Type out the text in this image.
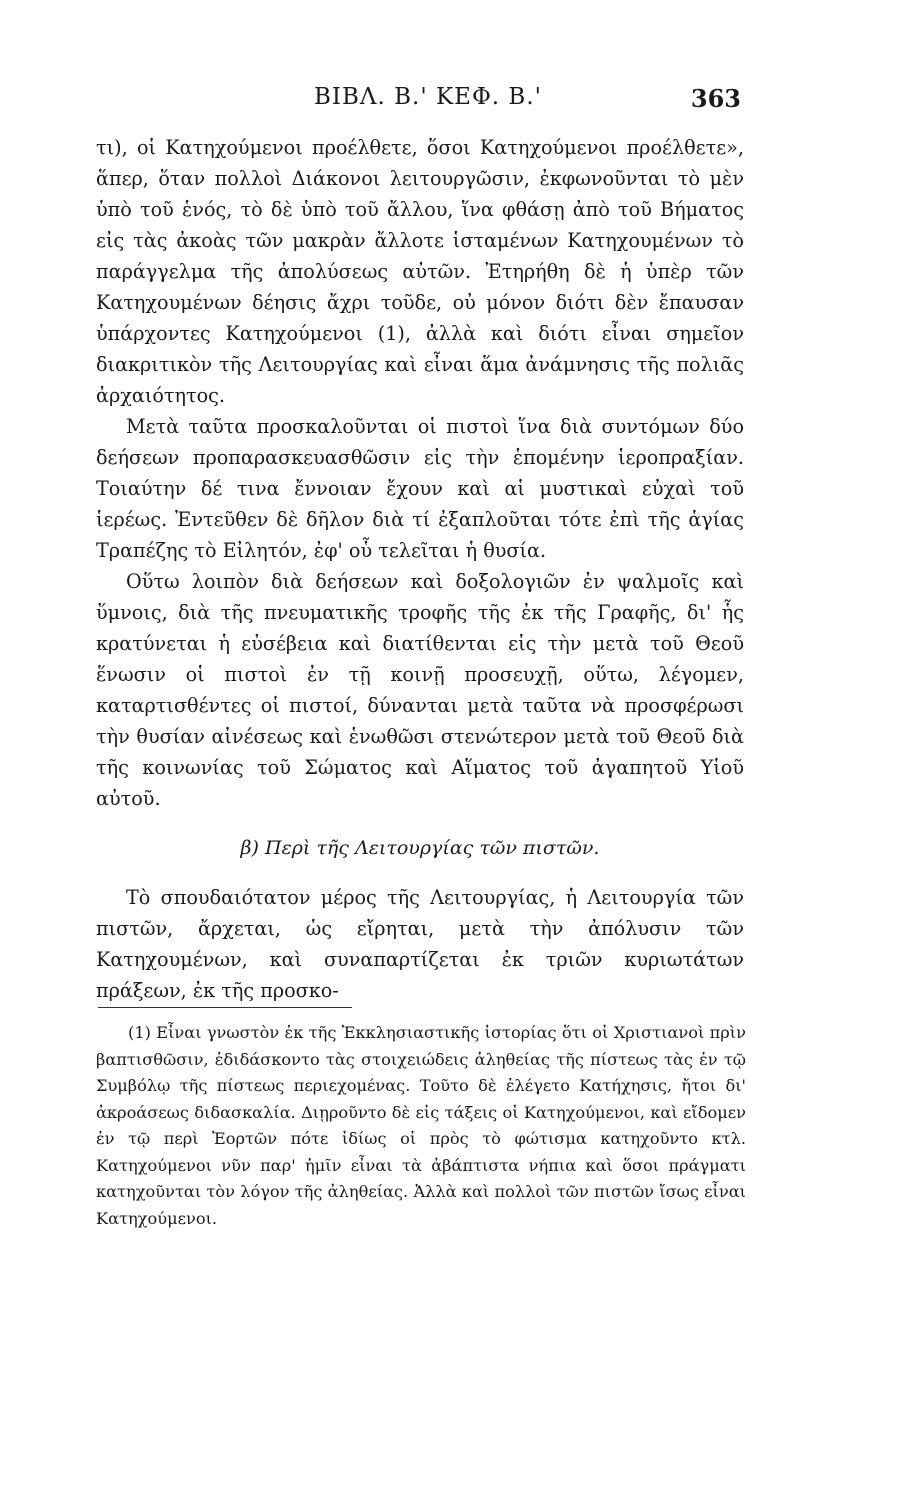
ΒΙΒΛ. Β.' ΚΕΦ. Β.'	363

τι), οἱ Κατηχούμενοι προέλθετε, ὅσοι Κατηχούμενοι προέλθετε», ἅπερ, ὅταν πολλοὶ Διάκονοι λειτουργῶσιν, ἐκφωνοῦνται τὸ μὲν ὑπὸ τοῦ ἑνός, τὸ δὲ ὑπὸ τοῦ ἄλλου, ἵνα φθάσῃ ἀπὸ τοῦ Βήματος εἰς τὰς ἀκοὰς τῶν μακρὰν ἄλλοτε ἱσταμένων Κατηχουμένων τὸ παράγγελμα τῆς ἀπολύσεως αὐτῶν. Ἐτηρήθη δὲ ἡ ὑπὲρ τῶν Κατηχουμένων δέησις ἄχρι τοῦδε, οὐ μόνον διότι δὲν ἔπαυσαν ὑπάρχοντες Κατηχούμενοι (1), ἀλλὰ καὶ διότι εἶναι σημεῖον διακριτικὸν τῆς Λειτουργίας καὶ εἶναι ἅμα ἀνάμνησις τῆς πολιᾶς ἀρχαιότητος.

Μετὰ ταῦτα προσκαλοῦνται οἱ πιστοὶ ἵνα διὰ συντόμων δύο δεήσεων προπαρασκευασθῶσιν εἰς τὴν ἑπομένην ἱεροπραξίαν. Τοιαύτην δέ τινα ἔννοιαν ἔχουν καὶ αἱ μυστικαὶ εὐχαὶ τοῦ ἱερέως. Ἐντεῦθεν δὲ δῆλον διὰ τί ἐξαπλοῦται τότε ἐπὶ τῆς ἁγίας Τραπέζης τὸ Εἰλητόν, ἐφ' οὗ τελεῖται ἡ θυσία.

Οὕτω λοιπὸν διὰ δεήσεων καὶ δοξολογιῶν ἐν ψαλμοῖς καὶ ὕμνοις, διὰ τῆς πνευματικῆς τροφῆς τῆς ἐκ τῆς Γραφῆς, δι' ἧς κρατύνεται ἡ εὐσέβεια καὶ διατίθενται εἰς τὴν μετὰ τοῦ Θεοῦ ἕνωσιν οἱ πιστοὶ ἐν τῇ κοινῇ προσευχῇ, οὕτω, λέγομεν, καταρτισθέντες οἱ πιστοί, δύνανται μετὰ ταῦτα νὰ προσφέρωσι τὴν θυσίαν αἰνέσεως καὶ ἑνωθῶσι στενώτερον μετὰ τοῦ Θεοῦ διὰ τῆς κοινωνίας τοῦ Σώματος καὶ Αἵματος τοῦ ἀγαπητοῦ Υἱοῦ αὐτοῦ.

β) Περὶ τῆς Λειτουργίας τῶν πιστῶν.

Τὸ σπουδαιότατον μέρος τῆς Λειτουργίας, ἡ Λειτουργία τῶν πιστῶν, ἄρχεται, ὡς εἴρηται, μετὰ τὴν ἀπόλυσιν τῶν Κατηχουμένων, καὶ συναπαρτίζεται ἐκ τριῶν κυριωτάτων πράξεων, ἐκ τῆς προσκο-

(1) Εἶναι γνωστὸν ἐκ τῆς Ἐκκλησιαστικῆς ἱστορίας ὅτι οἱ Χριστιανοὶ πρὶν βαπτισθῶσιν, ἐδιδάσκοντο τὰς στοιχειώδεις ἀληθείας τῆς πίστεως τὰς ἐν τῷ Συμβόλῳ τῆς πίστεως περιεχομένας. Τοῦτο δὲ ἐλέγετο Κατήχησις, ἤτοι δι' ἀκροάσεως διδασκαλία. Διῃροῦντο δὲ εἰς τάξεις οἱ Κατηχούμενοι, καὶ εἴδομεν ἐν τῷ περὶ Ἑορτῶν πότε ἰδίως οἱ πρὸς τὸ φώτισμα κατηχοῦντο κτλ. Κατηχούμενοι νῦν παρ' ἡμῖν εἶναι τὰ ἀβάπτιστα νήπια καὶ ὅσοι πράγματι κατηχοῦνται τὸν λόγον τῆς ἀληθείας. Ἀλλὰ καὶ πολλοὶ τῶν πιστῶν ἴσως εἶναι Κατηχούμενοι.
